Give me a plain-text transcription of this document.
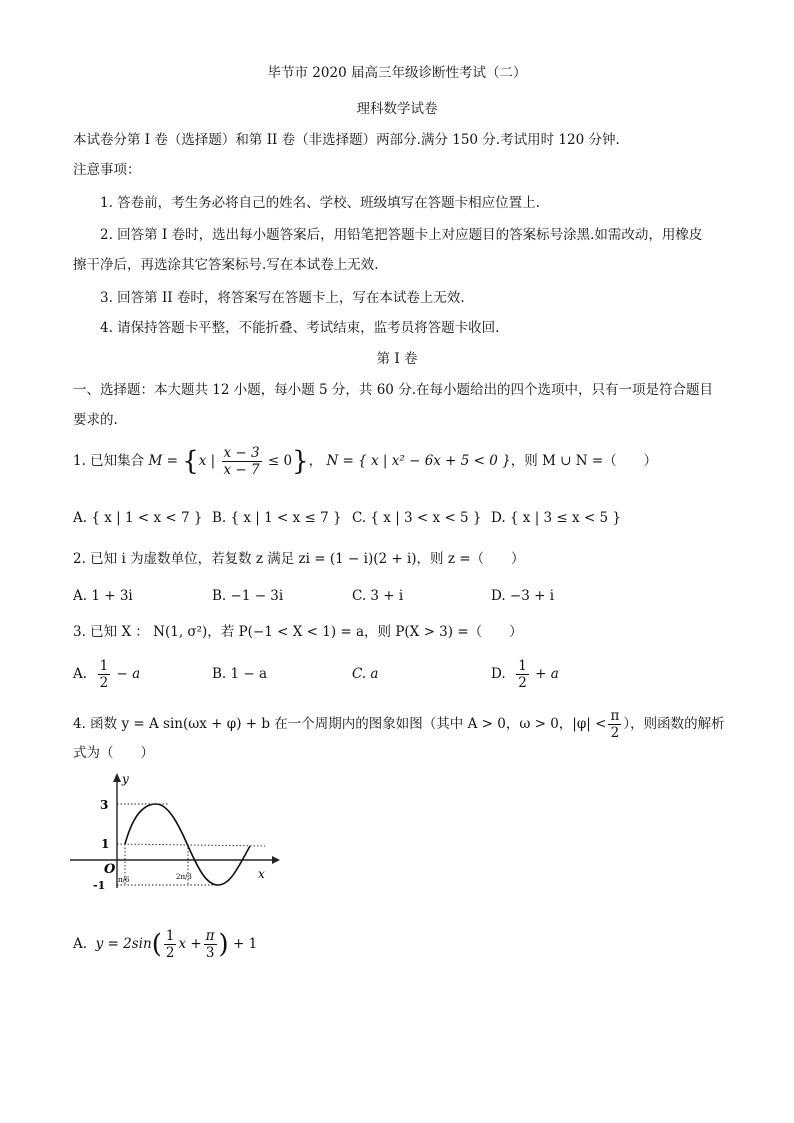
毕节市 2020 届高三年级诊断性考试（二）
理科数学试卷
本试卷分第 I 卷（选择题）和第 II 卷（非选择题）两部分.满分 150 分.考试用时 120 分钟.
注意事项：
1. 答卷前，考生务必将自己的姓名、学校、班级填写在答题卡相应位置上.
2. 回答第 I 卷时，选出每小题答案后，用铅笔把答题卡上对应题目的答案标号涂黑.如需改动，用橡皮
擦干净后，再选涂其它答案标号.写在本试卷上无效.
3. 回答第 II 卷时，将答案写在答题卡上，写在本试卷上无效.
4. 请保持答题卡平整，不能折叠、考试结束，监考员将答题卡收回.
第 I 卷
一、选择题：本大题共 12 小题，每小题 5 分，共 60 分.在每小题给出的四个选项中，只有一项是符合题目
要求的.
1. 已知集合 M = {x | $\frac{x - 3}{x - 7} \le 0$}， N = { x | x² − 6x + 5 < 0 }，则 M ∪ N =（　　）
A. { x | 1 < x < 7 } B. { x | 1 < x ≤ 7 } C. { x | 3 < x < 5 } D. { x | 3 ≤ x < 5 }
2. 已知 i 为虚数单位，若复数 z 满足 zi = (1 − i)(2 + i)，则 z =（　　）
A. 1 + 3i	B. −1 − 3i	C. 3 + i	D. −3 + i
3. 已知 X ： N(1, σ²)，若 P(−1 < X < 1) = a，则 P(X > 3) =（　　）
A. $\frac{1}{2} - a$	B. 1 − a	C. a	D. $\frac{1}{2} + a$
4. 函数 y = A sin(ωx + φ) + b 在一个周期内的图象如图（其中 A > 0，ω > 0，$|\varphi| < \frac{\pi}{2}$ ），则函数的解析
式为（　　）
y
x
O
3
1
-1 π/6	2π/3
A. $y = 2\sin( \frac{1}{2}$ $x + \frac{\pi}{3}$ ) + 1
